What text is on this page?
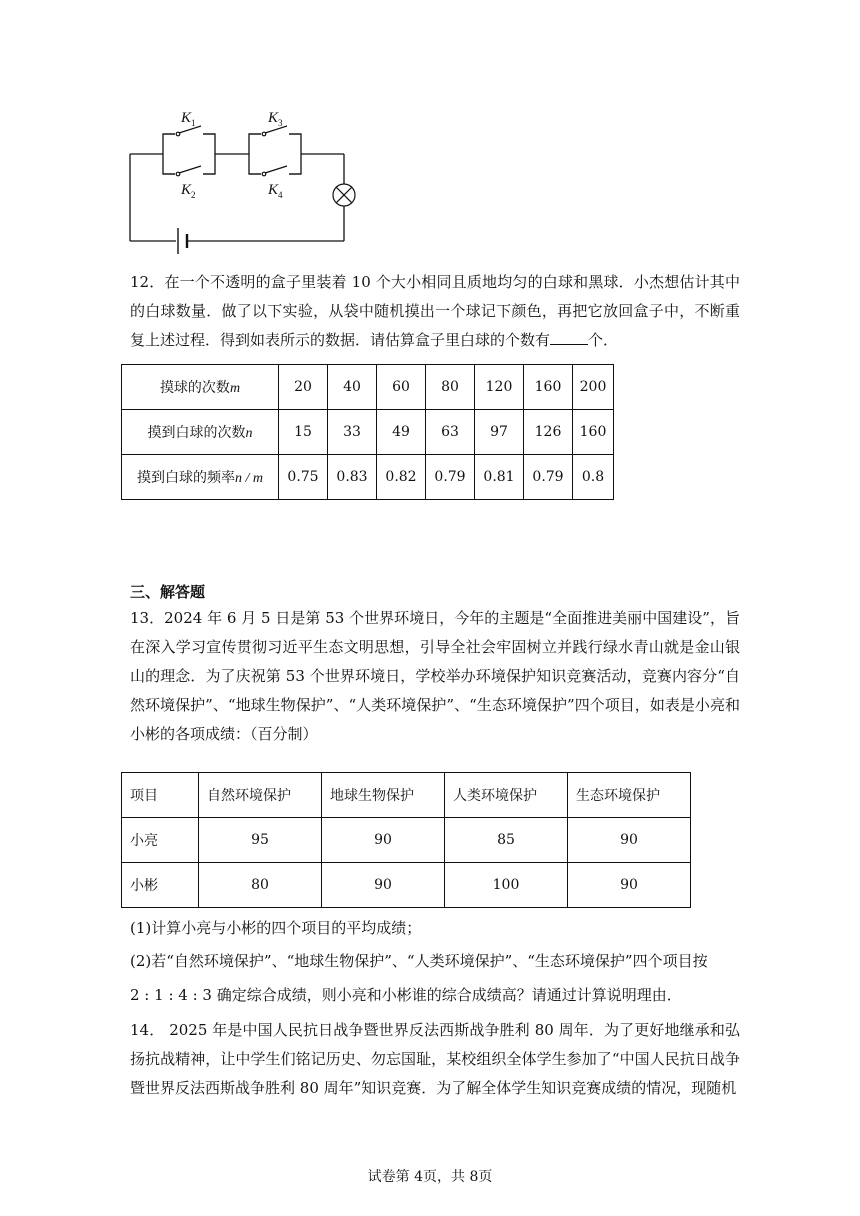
$K_1$
$K_2$
$K_3$
$K_4$

12．在一个不透明的盒子里装着 10 个大小相同且质地均匀的白球和黑球．小杰想估计其中的白球数量．做了以下实验，从袋中随机摸出一个球记下颜色，再把它放回盒子中，不断重复上述过程．得到如表所示的数据．请估算盒子里白球的个数有	个．

摸球的次数m	20	40	60	80	120	160	200
摸到白球的次数n	15	33	49	63	97	126	160
摸到白球的频率n / m	0.75	0.83	0.82	0.79	0.81	0.79	0.8

三、解答题

13．2024 年 6 月 5 日是第 53 个世界环境日，今年的主题是“全面推进美丽中国建设”，旨在深入学习宣传贯彻习近平生态文明思想，引导全社会牢固树立并践行绿水青山就是金山银山的理念．为了庆祝第 53 个世界环境日，学校举办环境保护知识竞赛活动，竞赛内容分“自然环境保护”、“地球生物保护”、“人类环境保护”、“生态环境保护”四个项目，如表是小亮和小彬的各项成绩：（百分制）

项目	自然环境保护	地球生物保护	人类环境保护	生态环境保护
小亮	95	90	85	90
小彬	80	90	100	90

(1)计算小亮与小彬的四个项目的平均成绩；

(2)若“自然环境保护”、“地球生物保护”、“人类环境保护”、“生态环境保护”四个项目按

2 : 1 : 4 : 3 确定综合成绩，则小亮和小彬谁的综合成绩高？请通过计算说明理由．

14． 2025 年是中国人民抗日战争暨世界反法西斯战争胜利 80 周年．为了更好地继承和弘扬抗战精神，让中学生们铭记历史、勿忘国耻，某校组织全体学生参加了“中国人民抗日战争暨世界反法西斯战争胜利 80 周年”知识竞赛．为了解全体学生知识竞赛成绩的情况，现随机

试卷第 4页，共 8页
